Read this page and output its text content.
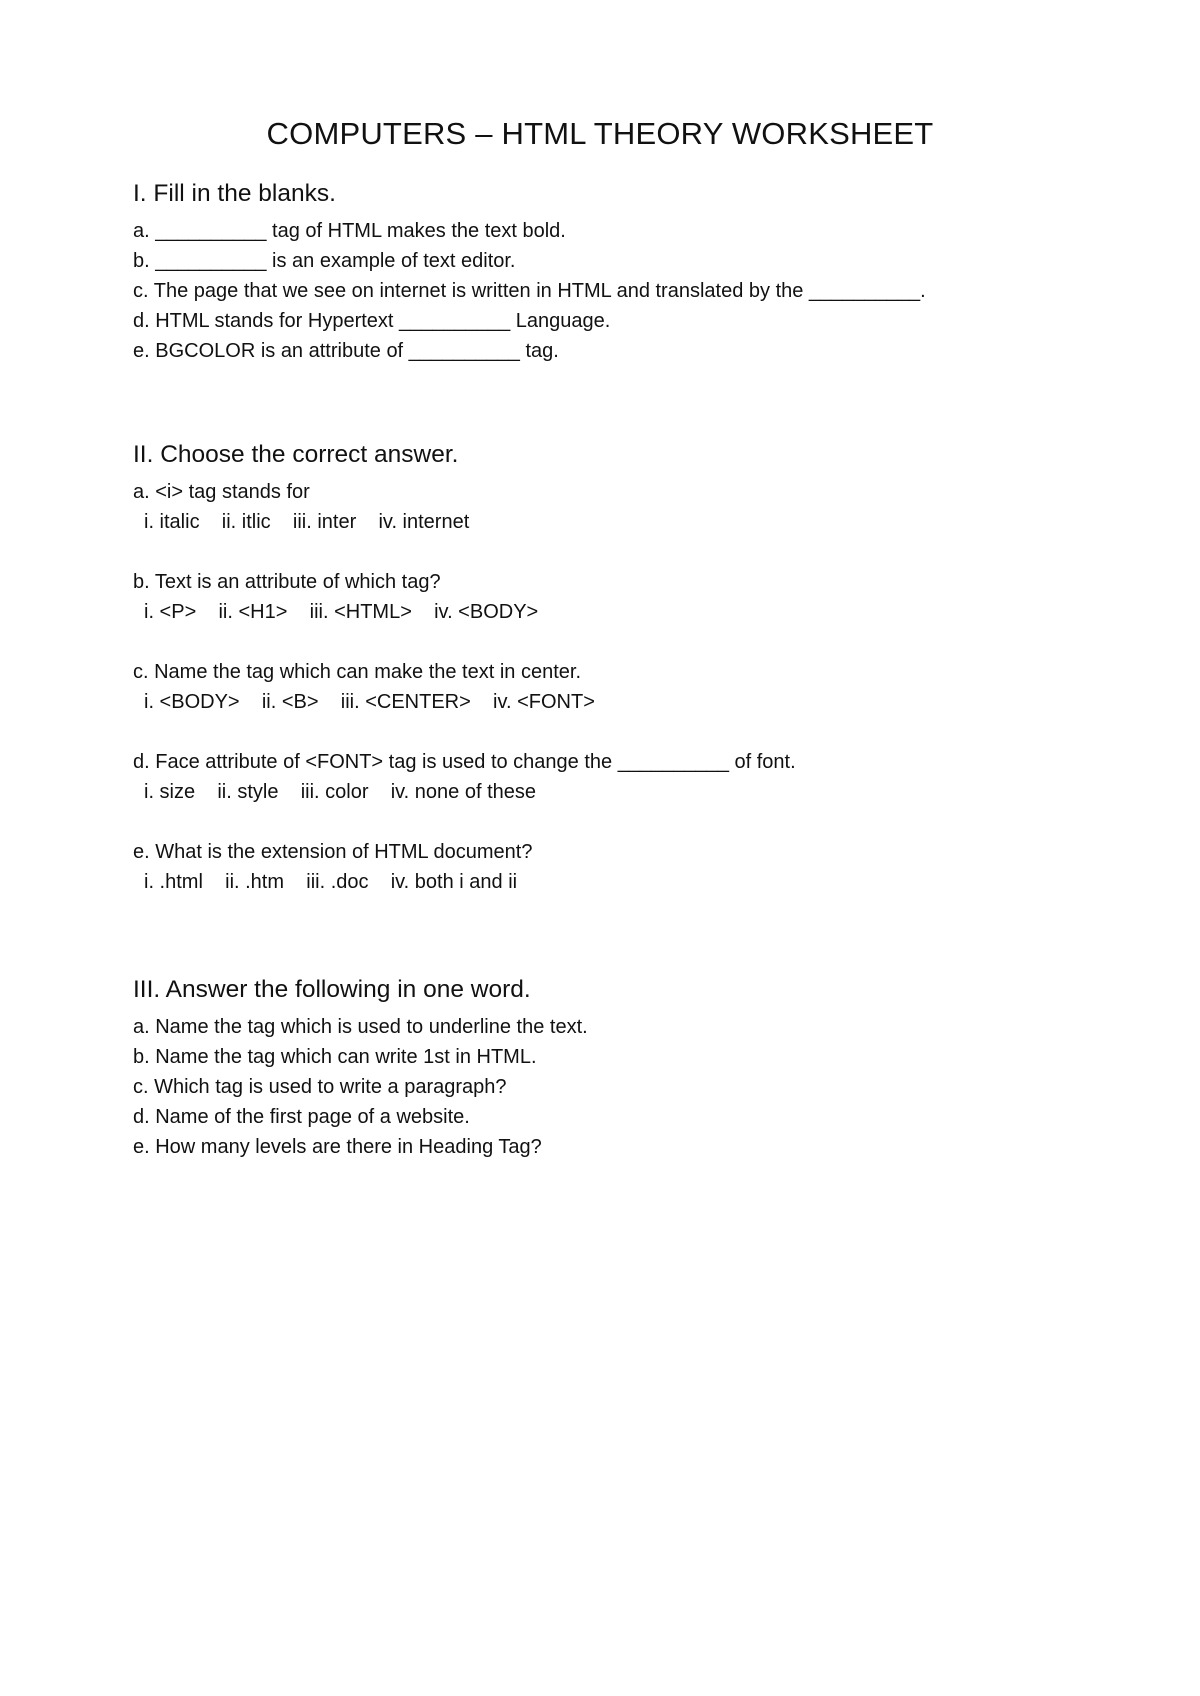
COMPUTERS – HTML THEORY WORKSHEET
I. Fill in the blanks.
a. __________ tag of HTML makes the text bold.
b. __________ is an example of text editor.
c. The page that we see on internet is written in HTML and translated by the __________.
d. HTML stands for Hypertext __________ Language.
e. BGCOLOR is an attribute of __________ tag.
II. Choose the correct answer.
a. <i> tag stands for
i. italic    ii. itlic    iii. inter    iv. internet
b. Text is an attribute of which tag?
i. <P>    ii. <H1>    iii. <HTML>    iv. <BODY>
c. Name the tag which can make the text in center.
i. <BODY>    ii. <B>    iii. <CENTER>    iv. <FONT>
d. Face attribute of <FONT> tag is used to change the __________ of font.
i. size    ii. style    iii. color    iv. none of these
e. What is the extension of HTML document?
i. .html    ii. .htm    iii. .doc    iv. both i and ii
III. Answer the following in one word.
a. Name the tag which is used to underline the text.
b. Name the tag which can write 1st in HTML.
c. Which tag is used to write a paragraph?
d. Name of the first page of a website.
e. How many levels are there in Heading Tag?
